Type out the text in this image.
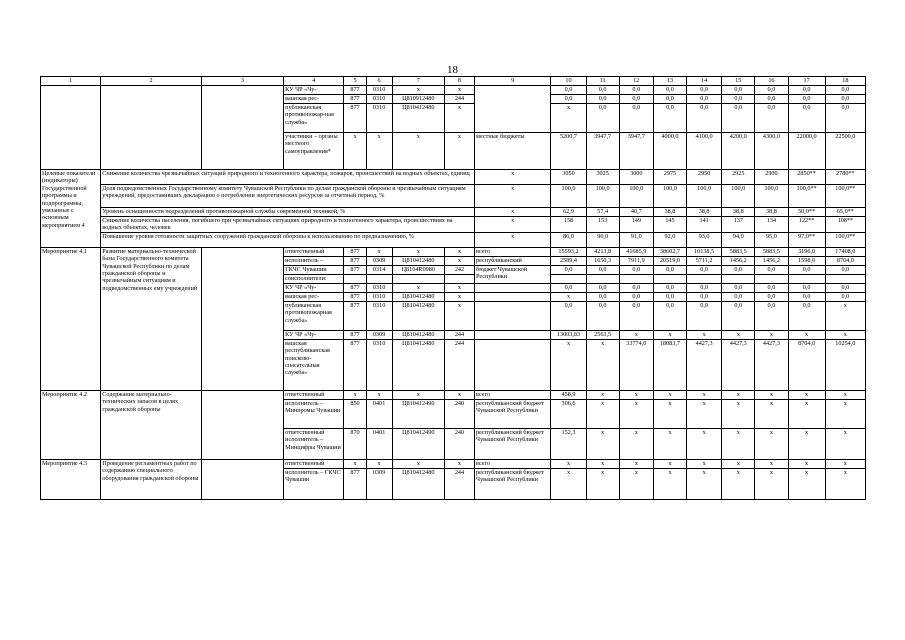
18
1	2	3	4	5	6	7	8	9	10	11	12	13	14	15	16	17	18
			КУ ЧР «Чу-	877	0310	x	x		0,0	0,0	0,0	0,0	0,0	0,0	0,0	0,0	0,0
			вашская рес-	877	0310	Ц810912480	244		0,0	0,0	0,0	0,0	0,0	0,0	0,0	0,0	0,0
			публиканская противопожар-ная служба»	877	0310	Ц810412480	x		x	0,0	0,0	0,0	0,0	0,0	0,0	0,0	0,0
			участники – органы местного самоуправления*	x	x	x	x	местные бюджеты	5200,7	3947,7	3947,7	4000,0	4100,0	4200,0	4300,0	22000,0	22500,0
Целевые показатели (индикаторы) Государственной программы и подпрограммы, увязанные с основным мероприятием 4	Снижение количества чрезвычайных ситуаций природного и техногенного характера, пожаров, происшествий на водных объектах, единиц							x	3050	3025	3000	2975	2950	2925	2900	2850**	2780**
	Доля подведомственных Государственному комитету Чувашской Республики по делам гражданской обороны и чрезвычайным ситуациям учреждений, предоставивших декларацию о потреблении энергетических ресурсов за отчетный период, %							x	100,0	100,0	100,0	100,0	100,0	100,0	100,0	100,0**	100,0**
	Уровень оснащенности подразделений противопожарной службы современной техникой, %							x	62,9	57,4	40,7	38,8	38,8	38,8	38,8	50,0**	65,0**
	Снижение количества населения, погибшего при чрезвычайных ситуациях природного и техногенного характера, происшествиях на водных объектах, человек							x	158	153	149	145	141	137	134	122**	108**
	Повышение уровня готовности защитных сооружений гражданской обороны к использованию по предназначению, %							x	86,0	90,0	91,0	92,0	93,0	94,0	95,0	97,0**	100,0**
Мероприятие 4.1	Развитие материально-технической базы Государственного комитета Чувашской Республики по делам гражданской обороны и чрезвычайным ситуациям и подведомственных ему учреждений		ответственный	877	x	x	x	всего	15593,2	4213,8	41685,9	38602,7	10138,5	5883,5	5883,5	3196,0	17408,0
			исполнитель –	877	0309	Ц810412480	x	республиканский	2589,4	1650,3	7911,9	20519,0	5711,2	1456,2	1456,2	1598,0	8704,0
			ГКЧС Чувашии	877	0314	Ц8104R0980	242	бюджет Чувашской Республики	0,0	0,0	0,0	0,0	0,0	0,0	0,0	0,0	0,0
			соисполнители:														
			КУ ЧР «Чу-	877	0310	x	x		0,0	0,0	0,0	0,0	0,0	0,0	0,0	0,0	0,0
			вашская рес-	877	0310	Ц810412480	x		x	0,0	0,0	0,0	0,0	0,0	0,0	0,0	0,0
			публиканская противопожарная служба»	877	0310	Ц810412480	x		0,0	0,0	0,0	0,0	0,0	0,0	0,0	0,0	x
			КУ ЧР «Чу-	877	0309	Ц810412480	244		13003,83	2563,5	x	x	x	x	x	x	x
			вашская республиканская поисково-спасательная служба»	877	0310	Ц810412480	244		x	x	33774,0	18083,7	4427,3	4427,3	4427,3	8704,0	10254,0
Мероприятие 4.2	Содержание материально-технических запасов в целях гражданской обороны		ответственный	x	x	x	x	всего	458,9	x	x	x	x	x	x	x	x
			исполнитель – Минпромы Чувашии	850	0401	Ц810412490	240	республиканский бюджет Чувашской Республики	306,6	x	x	x	x	x	x	x	x
			ответственный исполнитель – Минцифры Чувашии	870	0401	Ц810412490	240	республиканский бюджет Чувашской Республики	152,3	x	x	x	x	x	x	x	x
Мероприятие 4.3	Проведение регламентных работ по содержанию специального оборудования гражданской обороны		ответственный	x	x	x	x	всего	x	x	x	x	x	x	x	x	x
			исполнитель – ГКЧС Чувашии	877	0309	Ц810412480	244	республиканский бюджет Чувашской Республики	x	x	x	x	x	x	x	x	x
